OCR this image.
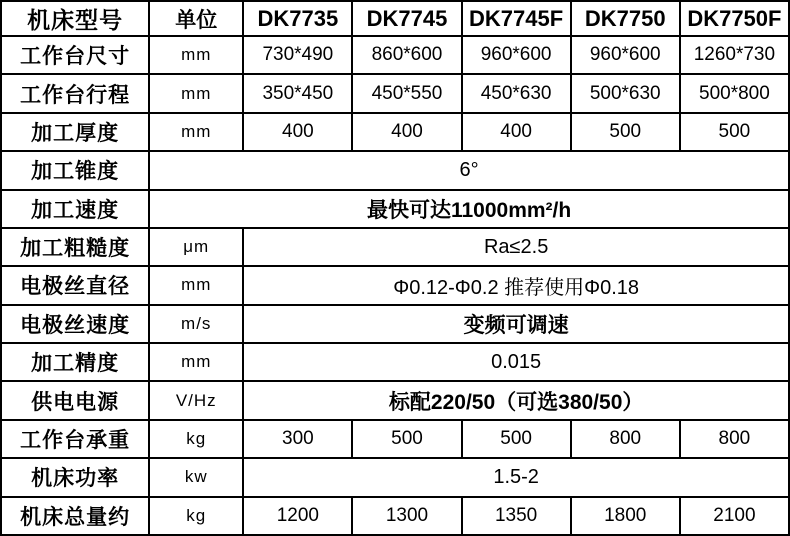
机床型号	单位	DK7735	DK7745	DK7745F	DK7750	DK7750F
工作台尺寸	mm	730*490	860*600	960*600	960*600	1260*730
工作台行程	mm	350*450	450*550	450*630	500*630	500*800
加工厚度	mm	400	400	400	500	500
加工锥度	6°					
加工速度	最快可达11000mm²/h					
加工粗糙度	μm	Ra≤2.5				
电极丝直径	mm	Φ0.12-Φ0.2 推荐使用Φ0.18				
电极丝速度	m/s	变频可调速				
加工精度	mm	0.015				
供电电源	V/Hz	标配220/50（可选380/50）				
工作台承重	kg	300	500	500	800	800
机床功率	kw	1.5-2				
机床总量约	kg	1200	1300	1350	1800	2100
